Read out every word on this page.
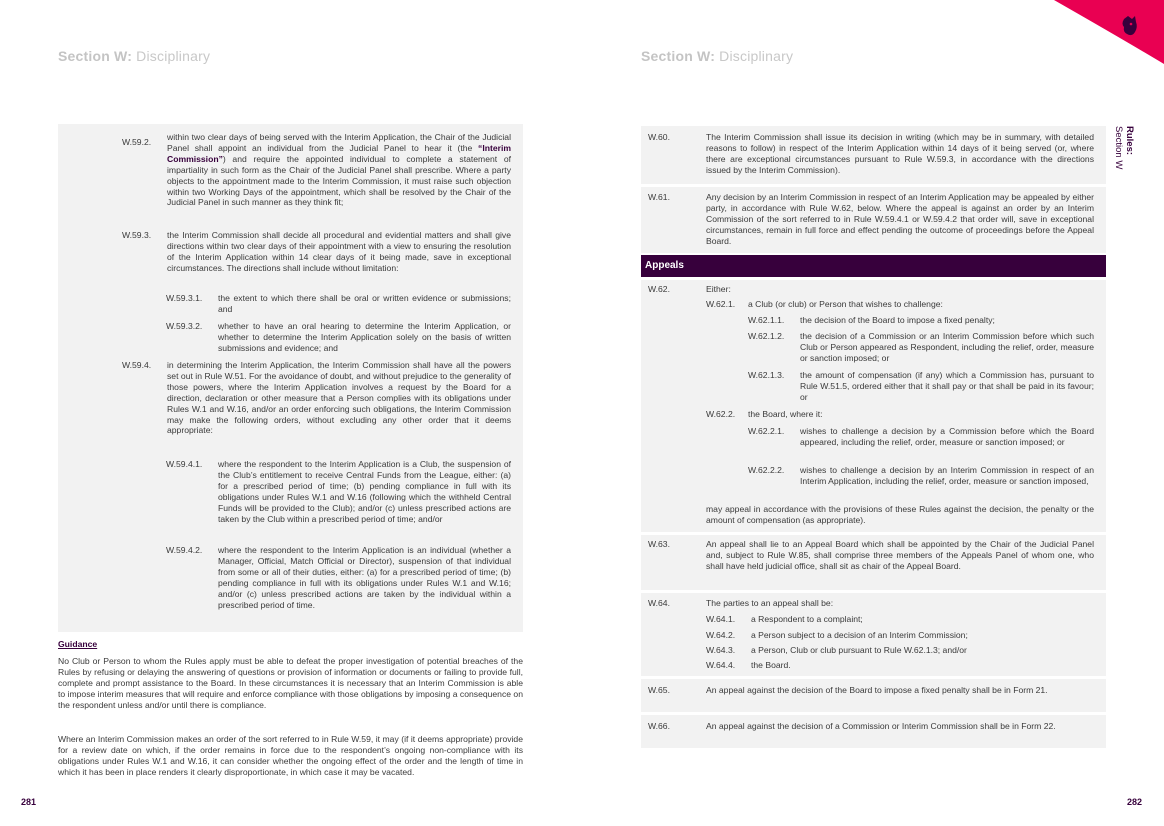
Section W: Disciplinary
W.59.2. within two clear days of being served with the Interim Application, the Chair of the Judicial Panel shall appoint an individual from the Judicial Panel to hear it (the “Interim Commission”) and require the appointed individual to complete a statement of impartiality in such form as the Chair of the Judicial Panel shall prescribe. Where a party objects to the appointment made to the Interim Commission, it must raise such objection within two Working Days of the appointment, which shall be resolved by the Chair of the Judicial Panel in such manner as they think fit;

W.59.3. the Interim Commission shall decide all procedural and evidential matters and shall give directions within two clear days of their appointment with a view to ensuring the resolution of the Interim Application within 14 clear days of it being made, save in exceptional circumstances. The directions shall include without limitation:

W.59.3.1. the extent to which there shall be oral or written evidence or submissions; and

W.59.3.2. whether to have an oral hearing to determine the Interim Application, or whether to determine the Interim Application solely on the basis of written submissions and evidence; and

W.59.4. in determining the Interim Application, the Interim Commission shall have all the powers set out in Rule W.51. For the avoidance of doubt, and without prejudice to the generality of those powers, where the Interim Application involves a request by the Board for a direction, declaration or other measure that a Person complies with its obligations under Rules W.1 and W.16, and/or an order enforcing such obligations, the Interim Commission may make the following orders, without excluding any other order that it deems appropriate:

W.59.4.1. where the respondent to the Interim Application is a Club, the suspension of the Club’s entitlement to receive Central Funds from the League, either: (a) for a prescribed period of time; (b) pending compliance in full with its obligations under Rules W.1 and W.16 (following which the withheld Central Funds will be provided to the Club); and/or (c) unless prescribed actions are taken by the Club within a prescribed period of time; and/or

W.59.4.2. where the respondent to the Interim Application is an individual (whether a Manager, Official, Match Official or Director), suspension of that individual from some or all of their duties, either: (a) for a prescribed period of time; (b) pending compliance in full with its obligations under Rules W.1 and W.16; and/or (c) unless prescribed actions are taken by the individual within a prescribed period of time.

Guidance

No Club or Person to whom the Rules apply must be able to defeat the proper investigation of potential breaches of the Rules by refusing or delaying the answering of questions or provision of information or documents or failing to provide full, complete and prompt assistance to the Board. In these circumstances it is necessary that an Interim Commission is able to impose interim measures that will require and enforce compliance with those obligations by imposing a consequence on the respondent unless and/or until there is compliance.

Where an Interim Commission makes an order of the sort referred to in Rule W.59, it may (if it deems appropriate) provide for a review date on which, if the order remains in force due to the respondent’s ongoing non-compliance with its obligations under Rules W.1 and W.16, it can consider whether the ongoing effect of the order and the length of time in which it has been in place renders it clearly disproportionate, in which case it may be vacated.

281
Section W: Disciplinary
W.60.	The Interim Commission shall issue its decision in writing (which may be in summary, with detailed reasons to follow) in respect of the Interim Application within 14 days of it being served (or, where there are exceptional circumstances pursuant to Rule W.59.3, in accordance with the directions issued by the Interim Commission).

W.61.	Any decision by an Interim Commission in respect of an Interim Application may be appealed by either party, in accordance with Rule W.62, below. Where the appeal is against an order by an Interim Commission of the sort referred to in Rule W.59.4.1 or W.59.4.2 that order will, save in exceptional circumstances, remain in full force and effect pending the outcome of proceedings before the Appeal Board.

Appeals
W.62.	Either:

W.62.1. a Club (or club) or Person that wishes to challenge:

W.62.1.1. the decision of the Board to impose a fixed penalty;

W.62.1.2. the decision of a Commission or an Interim Commission before which such Club or Person appeared as Respondent, including the relief, order, measure or sanction imposed; or

W.62.1.3. the amount of compensation (if any) which a Commission has, pursuant to Rule W.51.5, ordered either that it shall pay or that shall be paid in its favour; or

W.62.2. the Board, where it:

W.62.2.1. wishes to challenge a decision by a Commission before which the Board appeared, including the relief, order, measure or sanction imposed; or

W.62.2.2. wishes to challenge a decision by an Interim Commission in respect of an Interim Application, including the relief, order, measure or sanction imposed,

may appeal in accordance with the provisions of these Rules against the decision, the penalty or the amount of compensation (as appropriate).

W.63.	An appeal shall lie to an Appeal Board which shall be appointed by the Chair of the Judicial Panel and, subject to Rule W.85, shall comprise three members of the Appeals Panel of whom one, who shall have held judicial office, shall sit as chair of the Appeal Board.

W.64.	The parties to an appeal shall be:

W.64.1. a Respondent to a complaint;

W.64.2. a Person subject to a decision of an Interim Commission;

W.64.3. a Person, Club or club pursuant to Rule W.62.1.3; and/or

W.64.4. the Board.

W.65.	An appeal against the decision of the Board to impose a fixed penalty shall be in Form 21.

W.66.	An appeal against the decision of a Commission or Interim Commission shall be in Form 22.

Rules:
Section W
282
